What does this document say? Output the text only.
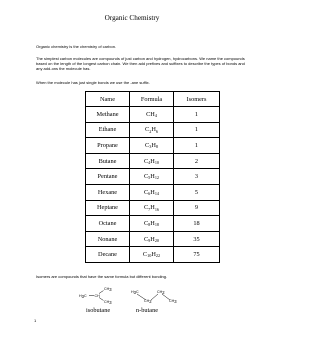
Organic Chemistry
Organic chemistry is the chemistry of carbon.
The simplest carbon molecules are compounds of just carbon and hydrogen, hydrocarbons. We name the compounds based on the length of the longest carbon chain. We then add prefixes and suffixes to describe the types of bonds and any add-ons the molecule has.
When the molecule has just single bonds we use the -ane suffix.
Name	Formula	Isomers
Methane	CH4	1
Ethane	C2H6	1
Propane	C3H8	1
Butane	C4H10	2
Pentane	C5H12	3
Hexane	C6H14	5
Heptane	C7H16	9
Octane	C8H18	18
Nonane	C9H20	35
Decane	C10H22	75
Isomers are compounds that have the same formula but different bonding.
CH3
H3C CH
CH3
isobutane
H3C
CH2
CH2
CH3
n-butane
1
